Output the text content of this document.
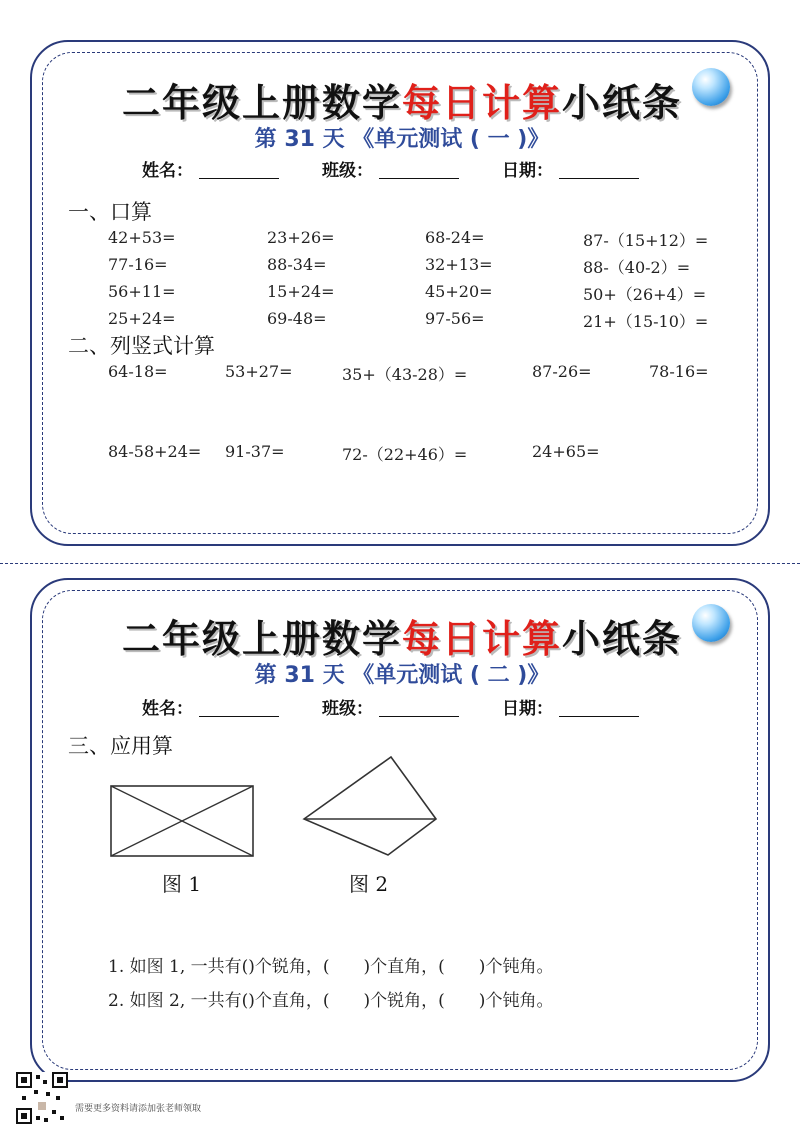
二年级上册数学每日计算小纸条
第 31 天 《单元测试 ( 一 )》
姓名：	班级：	日期：
一、口算
42+53=	23+26=	68-24=	87-（15+12）=
77-16=	88-34=	32+13=	88-（40-2）=
56+11=	15+24=	45+20=	50+（26+4）=
25+24=	69-48=	97-56=	21+（15-10）=
二、列竖式计算
64-18=	53+27=	35+（43-28）=	87-26=	78-16=
84-58+24= 91-37=	72-（22+46）=	24+65=
二年级上册数学每日计算小纸条
第 31 天 《单元测试 ( 二 )》
姓名：	班级：	日期：
三、应用算
图 1	图 2
1. 如图 1, 一共有()个锐角，(　　)个直角，(　　)个钝角。
2. 如图 2, 一共有()个直角，(　　)个锐角，(　　)个钝角。
需要更多资料请添加张老师领取
